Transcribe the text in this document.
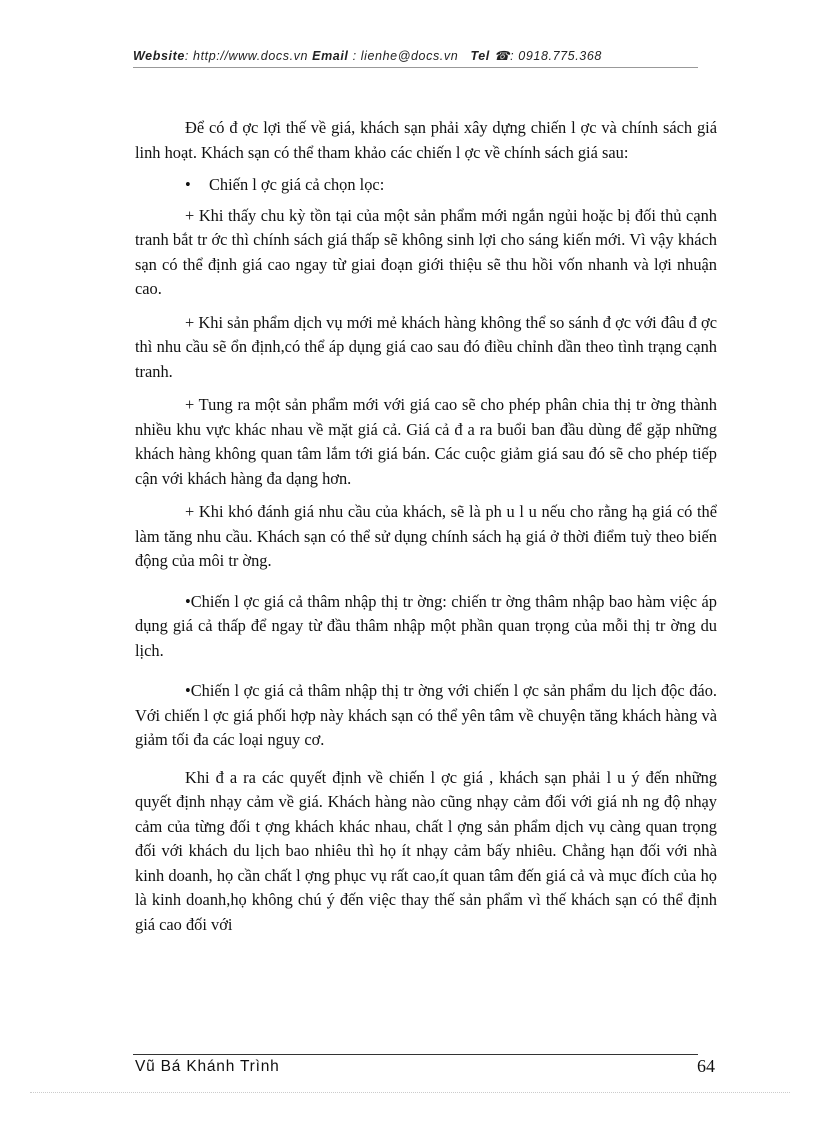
Website: http://www.docs.vn Email : lienhe@docs.vn Tel ☎: 0918.775.368

Để có đ ợc lợi thế về giá, khách sạn phải xây dựng chiến l ợc và chính sách giá linh hoạt. Khách sạn có thể tham khảo các chiến l ợc về chính sách giá sau:

• Chiến l ợc giá cả chọn lọc:

+ Khi thấy chu kỳ tồn tại của một sản phẩm mới ngắn ngủi hoặc bị đối thủ cạnh tranh bắt tr ớc thì chính sách giá thấp sẽ không sinh lợi cho sáng kiến mới. Vì vậy khách sạn có thể định giá cao ngay từ giai đoạn giới thiệu sẽ thu hồi vốn nhanh và lợi nhuận cao.

+ Khi sản phẩm dịch vụ mới mẻ khách hàng không thể so sánh đ ợc với đâu đ ợc thì nhu cầu sẽ ổn định,có thể áp dụng giá cao sau đó điều chỉnh dần theo tình trạng cạnh tranh.

+ Tung ra một sản phẩm mới với giá cao sẽ cho phép phân chia thị tr ờng thành nhiều khu vực khác nhau về mặt giá cả. Giá cả đ a ra buổi ban đầu dùng để gặp những khách hàng không quan tâm lắm tới giá bán. Các cuộc giảm giá sau đó sẽ cho phép tiếp cận với khách hàng đa dạng hơn.

+ Khi khó đánh giá nhu cầu của khách, sẽ là ph u l u nếu cho rằng hạ giá có thể làm tăng nhu cầu. Khách sạn có thể sử dụng chính sách hạ giá ở thời điểm tuỳ theo biến động của môi tr ờng.

•Chiến l ợc giá cả thâm nhập thị tr ờng: chiến tr ờng thâm nhập bao hàm việc áp dụng giá cả thấp để ngay từ đầu thâm nhập một phần quan trọng của mỗi thị tr ờng du lịch.

•Chiến l ợc giá cả thâm nhập thị tr ờng với chiến l ợc sản phẩm du lịch độc đáo. Với chiến l ợc giá phối hợp này khách sạn có thể yên tâm về chuyện tăng khách hàng và giảm tối đa các loại nguy cơ.

Khi đ a ra các quyết định về chiến l ợc giá , khách sạn phải l u ý đến những quyết định nhạy cảm về giá. Khách hàng nào cũng nhạy cảm đối với giá nh ng độ nhạy cảm của từng đối t ợng khách khác nhau, chất l ợng sản phẩm dịch vụ càng quan trọng đối với khách du lịch bao nhiêu thì họ ít nhạy cảm bấy nhiêu. Chẳng hạn đối với nhà kinh doanh, họ cần chất l ợng phục vụ rất cao,ít quan tâm đến giá cả và mục đích của họ là kinh doanh,họ không chú ý đến việc thay thế sản phẩm vì thế khách sạn có thể định giá cao đối với

Vũ Bá Khánh Trình	64
